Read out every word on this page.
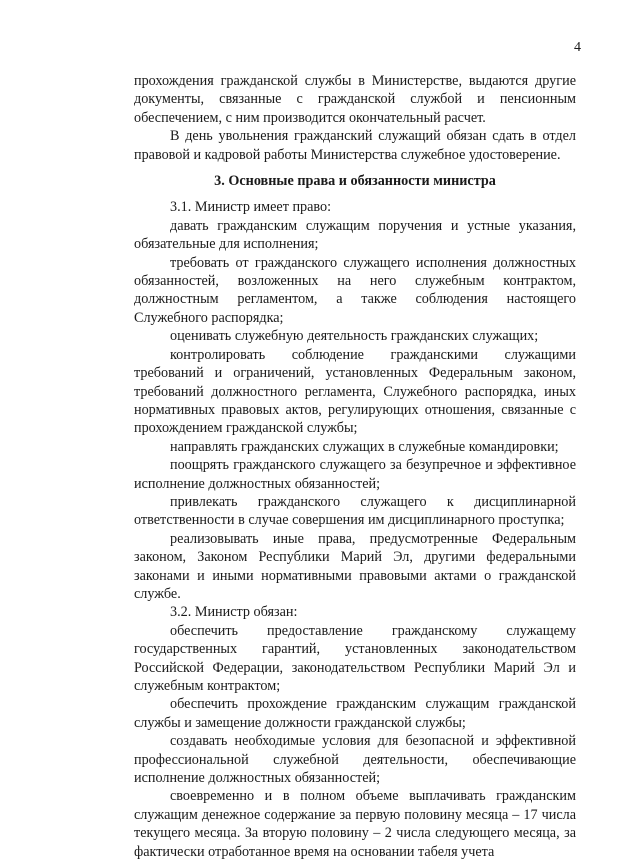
4

прохождения гражданской службы в Министерстве, выдаются другие документы, связанные с гражданской службой и пенсионным обеспечением, с ним производится окончательный расчет.

В день увольнения гражданский служащий обязан сдать в отдел правовой и кадровой работы Министерства служебное удостоверение.

3. Основные права и обязанности министра

3.1. Министр имеет право:

давать гражданским служащим поручения и устные указания, обязательные для исполнения;

требовать от гражданского служащего исполнения должностных обязанностей, возложенных на него служебным контрактом, должностным регламентом, а также соблюдения настоящего Служебного распорядка;

оценивать служебную деятельность гражданских служащих;

контролировать соблюдение гражданскими служащими требований и ограничений, установленных Федеральным законом, требований должностного регламента, Служебного распорядка, иных нормативных правовых актов, регулирующих отношения, связанные с прохождением гражданской службы;

направлять гражданских служащих в служебные командировки;

поощрять гражданского служащего за безупречное и эффективное исполнение должностных обязанностей;

привлекать гражданского служащего к дисциплинарной ответственности в случае совершения им дисциплинарного проступка;

реализовывать иные права, предусмотренные Федеральным законом, Законом Республики Марий Эл, другими федеральными законами и иными нормативными правовыми актами о гражданской службе.

3.2. Министр обязан:

обеспечить предоставление гражданскому служащему государственных гарантий, установленных законодательством Российской Федерации, законодательством Республики Марий Эл и служебным контрактом;

обеспечить прохождение гражданским служащим гражданской службы и замещение должности гражданской службы;

создавать необходимые условия для безопасной и эффективной профессиональной служебной деятельности, обеспечивающие исполнение должностных обязанностей;

своевременно и в полном объеме выплачивать гражданским служащим денежное содержание за первую половину месяца – 17 числа текущего месяца. За вторую половину – 2 числа следующего месяца, за фактически отработанное время на основании табеля учета
